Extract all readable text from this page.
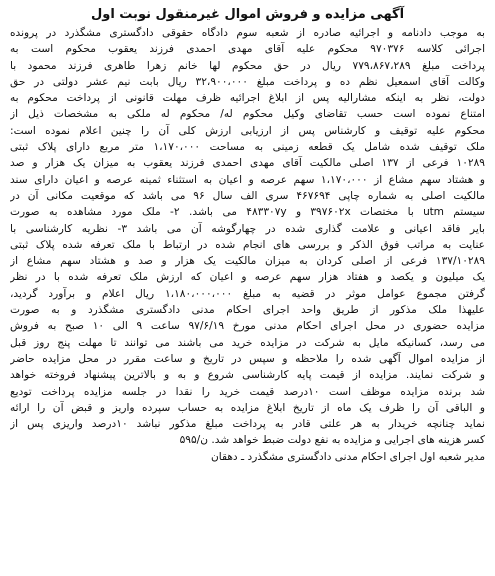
آگهی مزایده و فروش اموال غیرمنقول نوبت اول
به موجب دادنامه و اجرائیه صادره از شعبه سوم دادگاه حقوقی دادگستری مشگذرد در پرونده
اجرائی کلاسه ۹۷۰۳۷۶ محکوم علیه آقای مهدی احمدی فرزند یعقوب محکوم است به
پرداخت مبلغ ۷۷۹،۸۶۷،۲۸۹ ریال در حق محکوم لها خانم زهرا طاهری فرزند محمود با
وکالت آقای اسمعیل نظم ده و پرداخت مبلغ ۳۲،۹۰۰،۰۰۰ ریال بابت نیم عشر دولتی در حق
دولت، نظر به اینکه مشارالیه پس از ابلاغ اجرائیه ظرف مهلت قانونی از پرداخت محکوم به
امتناع نموده است حسب تقاضای وکیل محکوم له/ محکوم له ملکی به مشخصات ذیل از
محکوم علیه توقیف و کارشناس پس از ارزیابی ارزش کلی آن را چنین اعلام نموده است:
ملک توقیف شده شامل یک قطعه زمینی به مساحت ۱،۱۷۰،۰۰۰ متر مربع دارای پلاک ثبتی
۱۰۲۸۹ فرعی از ۱۳۷ اصلی مالکیت آقای مهدی احمدی فرزند یعقوب به میزان یک هزار و صد
و هشتاد سهم مشاع از ۱،۱۷۰،۰۰۰ سهم عرصه و اعیان به استثناء ثمینه عرصه و اعیان دارای سند
مالکیت اصلی به شماره چاپی ۴۶۷۶۹۴ سری الف سال ۹۶ می باشد که موقعیت مکانی آن در
سیستم utm با مختصات ۳۹۷۶۰۲x و ۴۸۳۳۰۷y می باشد. ۲- ملک مورد مشاهده به صورت
بایر فاقد اعیانی و علامت گذاری شده در چهارگوشه آن می باشد ۳- نظریه کارشناسی با
عنایت به مراتب فوق الذکر و بررسی های انجام شده در ارتباط با ملک تعرفه شده پلاک ثبتی
۱۳۷/۱۰۲۸۹ فرعی از اصلی کردان به میزان مالکیت یک هزار و صد و هشتاد سهم مشاع از
یک میلیون و یکصد و هفتاد هزار سهم عرصه و اعیان که ارزش ملک تعرفه شده با در نظر
گرفتن مجموع عوامل موثر در قضیه به مبلغ ۱،۱۸۰،۰۰۰،۰۰۰ ریال اعلام و برآورد گردید،
علیهذا ملک مذکور از طریق واحد اجرای احکام مدنی دادگستری مشگذرد و به صورت
مزایده حضوری در محل اجرای احکام مدنی مورخ ۹۷/۶/۱۹ ساعت ۹ الی ۱۰ صبح به فروش
می رسد، کسانیکه مایل به شرکت در مزایده خرید می باشند می توانند تا مهلت پنج روز قبل
از مزایده اموال آگهی شده را ملاحظه و سپس در تاریخ و ساعت مقرر در محل مزایده حاضر
و شرکت نمایند. مزایده از قیمت پایه کارشناسی شروع و به و بالاترین پیشنهاد فروخته خواهد
شد برنده مزایده موظف است ۱۰درصد قیمت خرید را نقدا در جلسه مزایده پرداخت تودیع
و الباقی آن را ظرف یک ماه از تاریخ ابلاغ مزایده به حساب سپرده واریز و قبض آن را ارائه
نماید چنانچه خریدار به هر علتی قادر به پرداخت مبلغ مذکور نباشد ۱۰درصد واریزی پس از
کسر هزینه های اجرایی و مزایده به نفع دولت ضبط خواهد شد. ن/۵۹۵
مدیر شعبه اول اجرای احکام مدنی دادگستری مشگذرد ـ دهقان
